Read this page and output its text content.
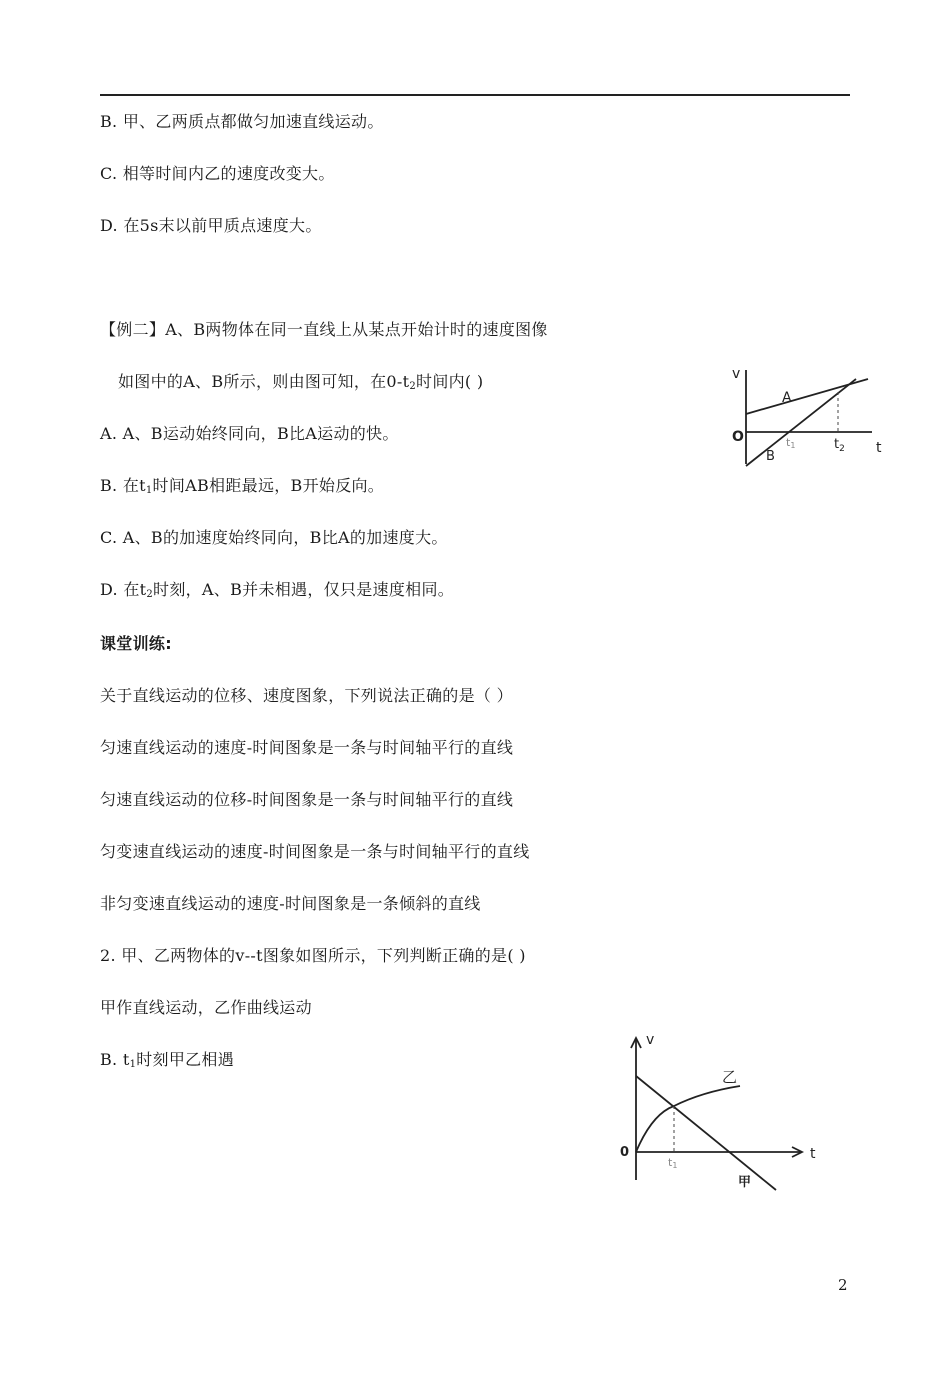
B. 甲、乙两质点都做匀加速直线运动。
C. 相等时间内乙的速度改变大。
D. 在5s末以前甲质点速度大。
【例二】A、B两物体在同一直线上从某点开始计时的速度图像
如图中的A、B所示，则由图可知，在$0-t_2$时间内( )
A. A、B运动始终同向，B比A运动的快。
B. 在$t_1$时间AB相距最远，B开始反向。
C. A、B的加速度始终同向，B比A的加速度大。
D. 在$t_2$时刻，A、B并未相遇，仅只是速度相同。
v
O
A
B
t1	$t_2$ t
课堂训练:
关于直线运动的位移、速度图象，下列说法正确的是（ ）
匀速直线运动的速度-时间图象是一条与时间轴平行的直线
匀速直线运动的位移-时间图象是一条与时间轴平行的直线
匀变速直线运动的速度-时间图象是一条与时间轴平行的直线
非匀变速直线运动的速度-时间图象是一条倾斜的直线
2. 甲、乙两物体的v--t图象如图所示，下列判断正确的是( )
甲作直线运动，乙作曲线运动
B. $t_1$时刻甲乙相遇
v
0
乙
甲
t1
t
2
